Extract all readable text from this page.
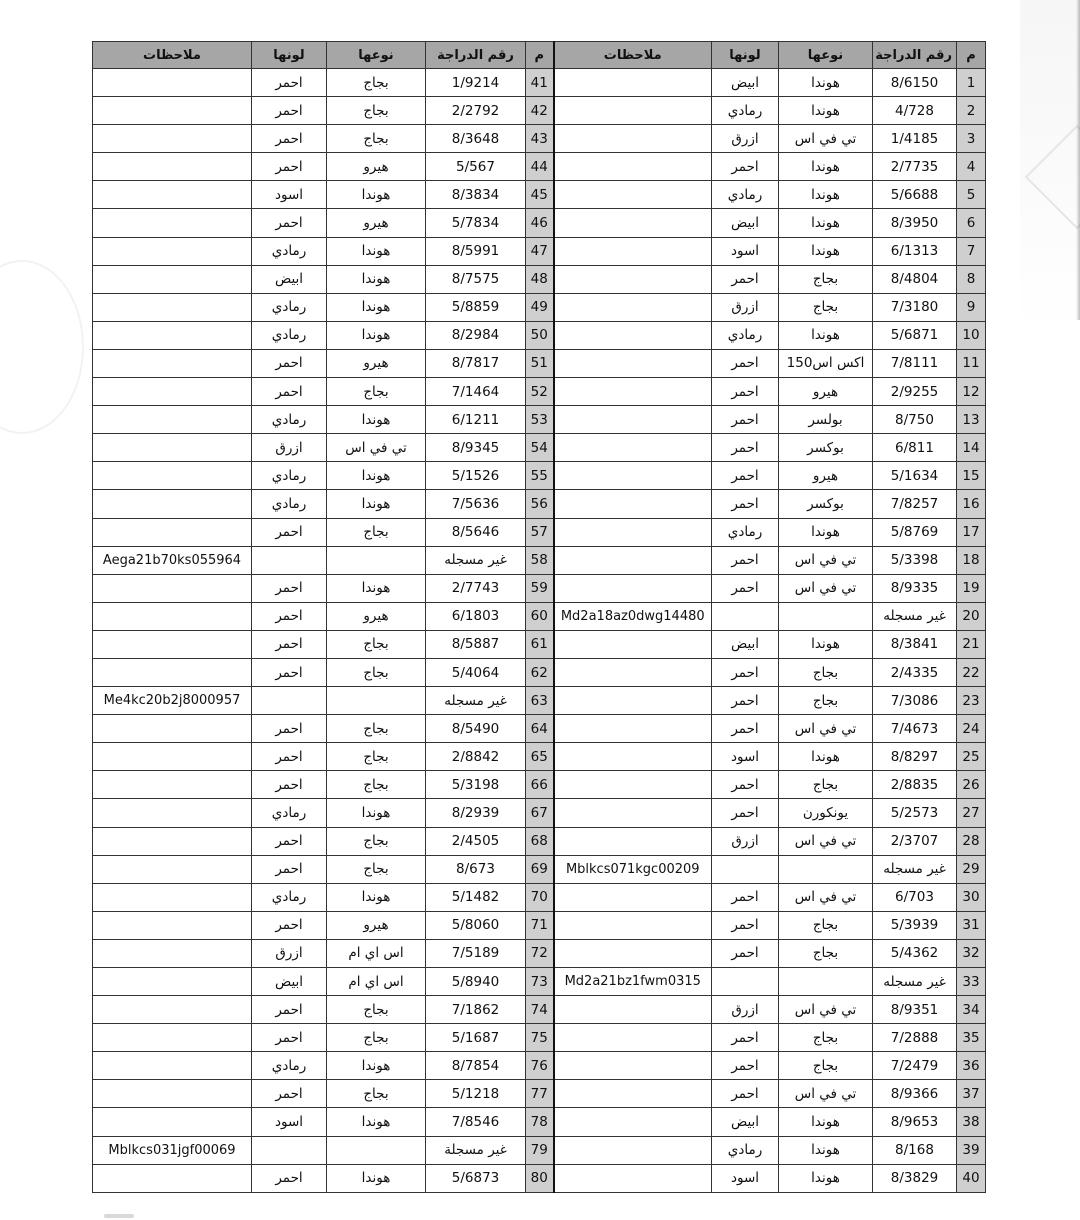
م	رقم الدراجة	نوعها	لونها	ملاحظات	م	رقم الدراجة	نوعها	لونها	ملاحظات
1	8/6150	هوندا	ابيض		41	1/9214	بجاج	احمر	
2	4/728	هوندا	رمادي		42	2/2792	بجاج	احمر	
3	1/4185	تي في اس	ازرق		43	8/3648	بجاج	احمر	
4	2/7735	هوندا	احمر		44	5/567	هيرو	احمر	
5	5/6688	هوندا	رمادي		45	8/3834	هوندا	اسود	
6	8/3950	هوندا	ابيض		46	5/7834	هيرو	احمر	
7	6/1313	هوندا	اسود		47	8/5991	هوندا	رمادي	
8	8/4804	بجاج	احمر		48	8/7575	هوندا	ابيض	
9	7/3180	بجاج	ازرق		49	5/8859	هوندا	رمادي	
10	5/6871	هوندا	رمادي		50	8/2984	هوندا	رمادي	
11	7/8111	اكس اس150	احمر		51	8/7817	هيرو	احمر	
12	2/9255	هيرو	احمر		52	7/1464	بجاج	احمر	
13	8/750	بولسر	احمر		53	6/1211	هوندا	رمادي	
14	6/811	بوكسر	احمر		54	8/9345	تي في اس	ازرق	
15	5/1634	هيرو	احمر		55	5/1526	هوندا	رمادي	
16	7/8257	بوكسر	احمر		56	7/5636	هوندا	رمادي	
17	5/8769	هوندا	رمادي		57	8/5646	بجاج	احمر	
18	5/3398	تي في اس	احمر		58	غير مسجله			Aega21b70ks055964
19	8/9335	تي في اس	احمر		59	2/7743	هوندا	احمر	
20	غير مسجله			Md2a18az0dwg14480	60	6/1803	هيرو	احمر	
21	8/3841	هوندا	ابيض		61	8/5887	بجاج	احمر	
22	2/4335	بجاج	احمر		62	5/4064	بجاج	احمر	
23	7/3086	بجاج	احمر		63	غير مسجله			Me4kc20b2j8000957
24	7/4673	تي في اس	احمر		64	8/5490	بجاج	احمر	
25	8/8297	هوندا	اسود		65	2/8842	بجاج	احمر	
26	2/8835	بجاج	احمر		66	5/3198	بجاج	احمر	
27	5/2573	يونكورن	احمر		67	8/2939	هوندا	رمادي	
28	2/3707	تي في اس	ازرق		68	2/4505	بجاج	احمر	
29	غير مسجله			Mblkcs071kgc00209	69	8/673	بجاج	احمر	
30	6/703	تي في اس	احمر		70	5/1482	هوندا	رمادي	
31	5/3939	بجاج	احمر		71	5/8060	هيرو	احمر	
32	5/4362	بجاج	احمر		72	7/5189	اس اي ام	ازرق	
33	غير مسجله			Md2a21bz1fwm0315	73	5/8940	اس اي ام	ابيض	
34	8/9351	تي في اس	ازرق		74	7/1862	بجاج	احمر	
35	7/2888	بجاج	احمر		75	5/1687	بجاج	احمر	
36	7/2479	بجاج	احمر		76	8/7854	هوندا	رمادي	
37	8/9366	تي في اس	احمر		77	5/1218	بجاج	احمر	
38	8/9653	هوندا	ابيض		78	7/8546	هوندا	اسود	
39	8/168	هوندا	رمادي		79	غير مسجلة			Mblkcs031jgf00069
40	8/3829	هوندا	اسود		80	5/6873	هوندا	احمر	
